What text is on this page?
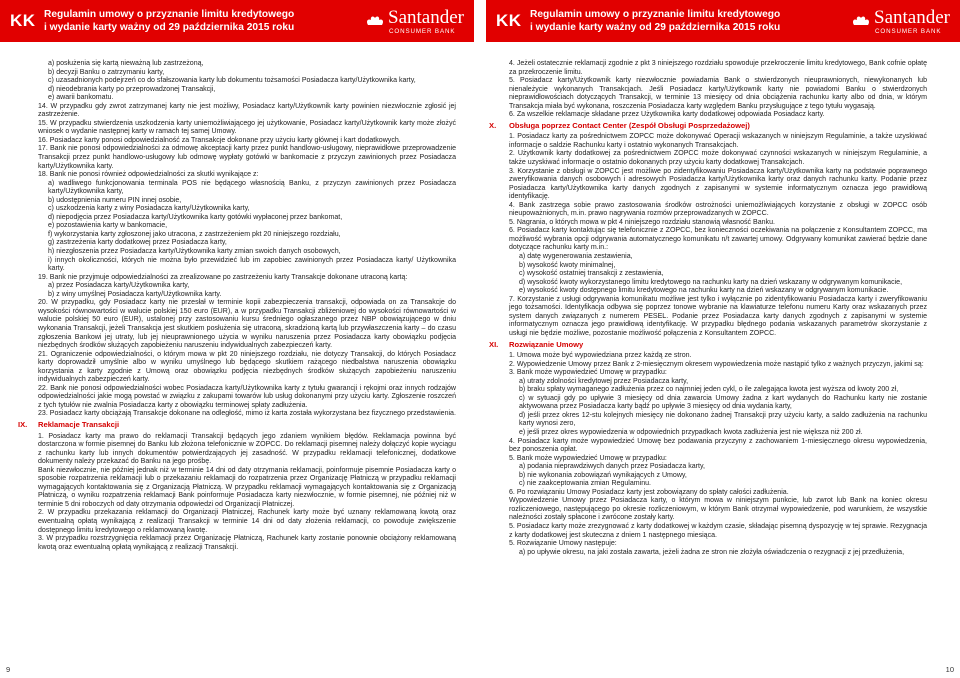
KK Regulamin umowy o przyznanie limitu kredytowego
i wydanie karty ważny od 29 października 2015 roku	Santander
CONSUMER BANK
KK Regulamin umowy o przyznanie limitu kredytowego
i wydanie karty ważny od 29 października 2015 roku	Santander
CONSUMER BANK

a) posłużenia się kartą nieważną lub zastrzeżoną,

b) decyzji Banku o zatrzymaniu karty,

c) uzasadnionych podejrzeń co do sfałszowania karty lub dokumentu tożsamości Posiadacza karty/Użytkownika karty,

d) nieodebrania karty po przeprowadzonej Transakcji,

e) awarii bankomatu.

14. W przypadku gdy zwrot zatrzymanej karty nie jest możliwy, Posiadacz karty/Użytkownik karty powinien niezwłocznie zgłosić jej zastrzeżenie.

15. W przypadku stwierdzenia uszkodzenia karty uniemożliwiającego jej użytkowanie, Posiadacz karty/Użytkownik karty może złożyć wniosek o wydanie następnej karty w ramach tej samej Umowy.

16. Posiadacz karty ponosi odpowiedzialność za Transakcje dokonane przy użyciu karty głównej i kart dodatkowych.

17. Bank nie ponosi odpowiedzialności za odmowę akceptacji karty przez punkt handlowo-usługowy, nieprawidłowe przeprowadzenie Transakcji przez punkt handlowo-usługowy lub odmowę wypłaty gotówki w bankomacie z przyczyn zawinionych przez Posiadacza karty/Użytkownika karty.

18. Bank nie ponosi również odpowiedzialności za skutki wynikające z:

a) wadliwego funkcjonowania terminala POS nie będącego własnością Banku, z przyczyn zawinionych przez Posiadacza karty/Użytkownika karty,

b) udostępnienia numeru PIN innej osobie,

c) uszkodzenia karty z winy Posiadacza karty/Użytkownika karty,

d) niepodjęcia przez Posiadacza karty/Użytkownika karty gotówki wypłaconej przez bankomat,

e) pozostawienia karty w bankomacie,

f) wykorzystania karty zgłoszonej jako utracona, z zastrzeżeniem pkt 20 niniejszego rozdziału,

g) zastrzeżenia karty dodatkowej przez Posiadacza karty,

h) niezgłoszenia przez Posiadacza karty/Użytkownika karty zmian swoich danych osobowych,

i) innych okoliczności, których nie można było przewidzieć lub im zapobiec zawinionych przez Posiadacza karty/ Użytkownika karty.

19. Bank nie przyjmuje odpowiedzialności za zrealizowane po zastrzeżeniu karty Transakcje dokonane utraconą kartą:

a) przez Posiadacza karty/Użytkownika karty,

b) z winy umyślnej Posiadacza karty/Użytkownika karty.

20. W przypadku, gdy Posiadacz karty nie przesłał w terminie kopii zabezpieczenia transakcji, odpowiada on za Transakcje do wysokości równowartości w walucie polskiej 150 euro (EUR), a w przypadku Transakcji zbliżeniowej do wysokości równowartości w walucie polskiej 50 euro (EUR), ustalonej przy zastosowaniu kursu średniego ogłaszanego przez NBP obowiązującego w dniu wykonania Transakcji, jeżeli Transakcja jest skutkiem posłużenia się utraconą, skradzioną kartą lub przywłaszczenia karty – do czasu zgłoszenia Bankowi jej utraty, lub jej nieuprawnionego użycia w wyniku naruszenia przez Posiadacza karty obowiązku podjęcia niezbędnych środków służących zapobieżeniu naruszeniu indywidualnych zabezpieczeń karty.

21. Ograniczenie odpowiedzialności, o którym mowa w pkt 20 niniejszego rozdziału, nie dotyczy Transakcji, do których Posiadacz karty doprowadził umyślnie albo w wyniku umyślnego lub będącego skutkiem rażącego niedbalstwa naruszenia obowiązku korzystania z karty zgodnie z Umową oraz obowiązku podjęcia niezbędnych środków służących zapobieżeniu naruszeniu indywidualnych zabezpieczeń karty.

22. Bank nie ponosi odpowiedzialności wobec Posiadacza karty/Użytkownika karty z tytułu gwarancji i rękojmi oraz innych rodzajów odpowiedzialności jakie mogą powstać w związku z zakupami towarów lub usług dokonanymi przy użyciu karty. Zgłoszenie roszczeń z tych tytułów nie zwalnia Posiadacza karty z obowiązku terminowej spłaty zadłużenia.

23. Posiadacz karty obciążają Transakcje dokonane na odległość, mimo iż karta została wykorzystana bez fizycznego przedstawienia.

IX.	Reklamacje Transakcji

1. Posiadacz karty ma prawo do reklamacji Transakcji będących jego zdaniem wynikiem błędów. Reklamacja powinna być dostarczona w formie pisemnej do Banku lub złożona telefonicznie w ZOPCC. Do reklamacji pisemnej należy dołączyć kopie wyciągu z rachunku karty lub innych dokumentów potwierdzających jej zasadność. W przypadku reklamacji telefonicznej, dodatkowe dokumenty należy przekazać do Banku na jego prośbę.

Bank niezwłocznie, nie później jednak niż w terminie 14 dni od daty otrzymania reklamacji, poinformuje pisemnie Posiadacza karty o sposobie rozpatrzenia reklamacji lub o przekazaniu reklamacji do rozpatrzenia przez Organizację Płatniczą w przypadku reklamacji wymagających kontaktowania się z Organizacją Płatniczą. W przypadku reklamacji wymagających kontaktowania się z Organizacją Płatniczą, o wyniku rozpatrzenia reklamacji Bank poinformuje Posiadacza karty niezwłocznie, w formie pisemnej, nie później niż w terminie 5 dni roboczych od daty otrzymania odpowiedzi od Organizacji Płatniczej.

2. W przypadku przekazania reklamacji do Organizacji Płatniczej, Rachunek karty może być uznany reklamowaną kwotą oraz ewentualną opłatą wynikającą z realizacji Transakcji w terminie 14 dni od daty złożenia reklamacji, co powoduje zwiększenie dostępnego limitu kredytowego o reklamowaną kwotę.

3. W przypadku rozstrzygnięcia reklamacji przez Organizację Płatniczą, Rachunek karty zostanie ponownie obciążony reklamowaną kwotą oraz ewentualną opłatą wynikającą z realizacji Transakcji.

4. Jeżeli ostatecznie reklamacji zgodnie z pkt 3 niniejszego rozdziału spowoduje przekroczenie limitu kredytowego, Bank cofnie opłatę za przekroczenie limitu.

5. Posiadacz karty/Użytkownik karty niezwłocznie powiadamia Bank o stwierdzonych nieuprawnionych, niewykonanych lub nienależycie wykonanych Transakcjach. Jeśli Posiadacz karty/Użytkownik karty nie powiadomi Banku o stwierdzonych nieprawidłowościach dotyczących Transakcji, w terminie 13 miesięcy od dnia obciążenia rachunku karty albo od dnia, w którym Transakcja miała być wykonana, roszczenia Posiadacza karty względem Banku przysługujące z tego tytułu wygasają.

6. Za wszelkie reklamacje składane przez Użytkownika karty dodatkowej odpowiada Posiadacz karty.

X.	Obsługa poprzez Contact Center (Zespół Obsługi Posprzedażowej)

1. Posiadacz karty za pośrednictwem ZOPCC może dokonywać Operacji wskazanych w niniejszym Regulaminie, a także uzyskiwać informacje o saldzie Rachunku karty i ostatnio wykonanych Transakcjach.

2. Użytkownik karty dodatkowej za pośrednictwem ZOPCC może dokonywać czynności wskazanych w niniejszym Regulaminie, a także uzyskiwać informacje o ostatnio dokonanych przy użyciu karty dodatkowej Transakcjach.

3. Korzystanie z obsługi w ZOPCC jest możliwe po zidentyfikowaniu Posiadacza karty/Użytkownika karty na podstawie poprawnego zweryfikowania danych osobowych i adresowych Posiadacza karty/Użytkownika karty oraz danych rachunku karty. Podanie przez Posiadacza karty/Użytkownika karty danych zgodnych z zapisanymi w systemie informatycznym oznacza jego prawidłową identyfikację.

4. Bank zastrzega sobie prawo zastosowania środków ostrożności uniemożliwiających korzystanie z obsługi w ZOPCC osób nieupoważnionych, m.in. prawo nagrywania rozmów przeprowadzanych w ZOPCC.

5. Nagrania, o których mowa w pkt 4 niniejszego rozdziału stanowią własność Banku.

6. Posiadacz karty kontaktując się telefonicznie z ZOPCC, bez konieczności oczekiwania na połączenie z Konsultantem ZOPCC, ma możliwość wybrania opcji odgrywania automatycznego komunikatu n/t zawartej umowy. Odgrywany komunikat zawierać będzie dane dotyczące rachunku karty m.in.:

a) datę wygenerowania zestawienia,

b) wysokość kwoty minimalnej,

c) wysokość ostatniej transakcji z zestawienia,

d) wysokość kwoty wykorzystanego limitu kredytowego na rachunku karty na dzień wskazany w odgrywanym komunikacie,

e) wysokość kwoty dostępnego limitu kredytowego na rachunku karty na dzień wskazany w odgrywanym komunikacie.

7. Korzystanie z usługi odgrywania komunikatu możliwe jest tylko i wyłącznie po zidentyfikowaniu Posiadacza karty i zweryfikowaniu jego tożsamości. Identyfikacja odbywa się poprzez tonowe wybranie na klawiaturze telefonu numeru Karty oraz wskazanych przez system danych związanych z numerem PESEL. Podanie przez Posiadacza karty danych zgodnych z zapisanymi w systemie informatycznym oznacza jego prawidłową identyfikację. W przypadku błędnego podania wskazanych parametrów skorzystanie z usługi nie będzie możliwe, pozostanie możliwość połączenia z Konsultantem ZOPCC.

XI.	Rozwiązanie Umowy

1. Umowa może być wypowiedziana przez każdą ze stron.

2. Wypowiedzenie Umowy przez Bank z 2-miesięcznym okresem wypowiedzenia może nastąpić tylko z ważnych przyczyn, jakimi są:

3. Bank może wypowiedzieć Umowę w przypadku:

a) utraty zdolności kredytowej przez Posiadacza karty,

b) braku spłaty wymaganego zadłużenia przez co najmniej jeden cykl, o ile zalegająca kwota jest wyższa od kwoty 200 zł,

c) w sytuacji gdy po upływie 3 miesięcy od dnia zawarcia Umowy żadna z kart wydanych do Rachunku karty nie zostanie aktywowana przez Posiadacza karty bądź po upływie 3 miesięcy od dnia wydania karty,

d) jeśli przez okres 12-stu kolejnych miesięcy nie dokonano żadnej Transakcji przy użyciu karty, a saldo zadłużenia na rachunku karty wynosi zero,

e) jeśli przez okres wypowiedzenia w odpowiednich przypadkach kwota zadłużenia jest nie większa niż 200 zł.

4. Posiadacz karty może wypowiedzieć Umowę bez podawania przyczyny z zachowaniem 1-miesięcznego okresu wypowiedzenia, bez ponoszenia opłat.

5. Bank może wypowiedzieć Umowę w przypadku:

a) podania nieprawdziwych danych przez Posiadacza karty,

b) nie wykonania zobowiązań wynikających z Umowy,

c) nie zaakceptowania zmian Regulaminu.

6. Po rozwiązaniu Umowy Posiadacz karty jest zobowiązany do spłaty całości zadłużenia.

Wypowiedzenie Umowy przez Posiadacza karty, o którym mowa w niniejszym punkcie, lub zwrot lub Bank na koniec okresu rozliczeniowego, następującego po okresie rozliczeniowym, w którym Bank otrzymał wypowiedzenie, pod warunkiem, że wszystkie należności zostały spłacone i zwrócone zostały karty.

5. Posiadacz karty może zrezygnować z karty dodatkowej w każdym czasie, składając pisemną dyspozycję w tej sprawie. Rezygnacja z karty dodatkowej jest skuteczna z dniem 1 następnego miesiąca.

5. Rozwiązanie Umowy następuje:

a) po upływie okresu, na jaki została zawarta, jeżeli żadna ze stron nie złożyła oświadczenia o rezygnacji z jej przedłużenia,

9	10
